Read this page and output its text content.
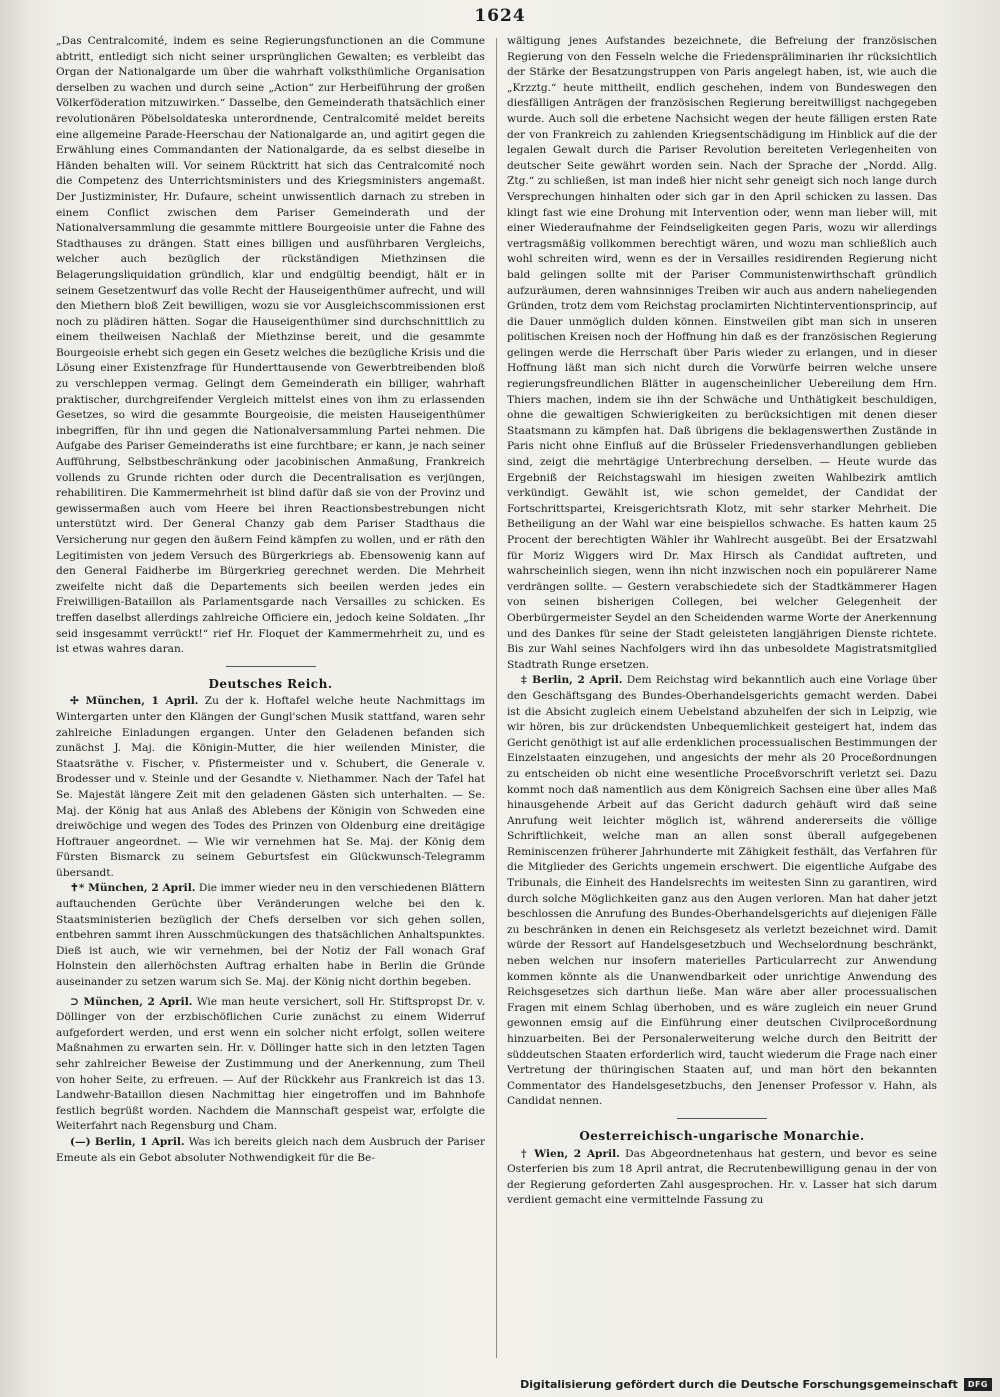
1624

„Das Centralcomité, indem es seine Regierungsfunctionen an die Commune abtritt, entledigt sich nicht seiner ursprünglichen Gewalten; es verbleibt das Organ der Nationalgarde um über die wahrhaft volksthümliche Organisation derselben zu wachen und durch seine „Action“ zur Herbeiführung der großen Völkerföderation mitzuwirken.“ Dasselbe, den Gemeinderath thatsächlich einer revolutionären Pöbelsoldateska unterordnende, Centralcomité meldet bereits eine allgemeine Parade-Heerschau der Nationalgarde an, und agitirt gegen die Erwählung eines Commandanten der Nationalgarde, da es selbst dieselbe in Händen behalten will. Vor seinem Rücktritt hat sich das Centralcomité noch die Competenz des Unterrichtsministers und des Kriegsministers angemaßt. Der Justizminister, Hr. Dufaure, scheint unwissentlich darnach zu streben in einem Conflict zwischen dem Pariser Gemeinderath und der Nationalversammlung die gesammte mittlere Bourgeoisie unter die Fahne des Stadthauses zu drängen. Statt eines billigen und ausführbaren Vergleichs, welcher auch bezüglich der rückständigen Miethzinsen die Belagerungsliquidation gründlich, klar und endgültig beendigt, hält er in seinem Gesetzentwurf das volle Recht der Hauseigenthümer aufrecht, und will den Miethern bloß Zeit bewilligen, wozu sie vor Ausgleichscommissionen erst noch zu plädiren hätten. Sogar die Hauseigenthümer sind durchschnittlich zu einem theilweisen Nachlaß der Miethzinse bereit, und die gesammte Bourgeoisie erhebt sich gegen ein Gesetz welches die bezügliche Krisis und die Lösung einer Existenzfrage für Hunderttausende von Gewerbtreibenden bloß zu verschleppen vermag. Gelingt dem Gemeinderath ein billiger, wahrhaft praktischer, durchgreifender Vergleich mittelst eines von ihm zu erlassenden Gesetzes, so wird die gesammte Bourgeoisie, die meisten Hauseigenthümer inbegriffen, für ihn und gegen die Nationalversammlung Partei nehmen. Die Aufgabe des Pariser Gemeinderaths ist eine furchtbare; er kann, je nach seiner Aufführung, Selbstbeschränkung oder jacobinischen Anmaßung, Frankreich vollends zu Grunde richten oder durch die Decentralisation es verjüngen, rehabilitiren. Die Kammermehrheit ist blind dafür daß sie von der Provinz und gewissermaßen auch vom Heere bei ihren Reactionsbestrebungen nicht unterstützt wird. Der General Chanzy gab dem Pariser Stadthaus die Versicherung nur gegen den äußern Feind kämpfen zu wollen, und er räth den Legitimisten von jedem Versuch des Bürgerkriegs ab. Ebensowenig kann auf den General Faidherbe im Bürgerkrieg gerechnet werden. Die Mehrheit zweifelte nicht daß die Departements sich beeilen werden jedes ein Freiwilligen-Bataillon als Parlamentsgarde nach Versailles zu schicken. Es treffen daselbst allerdings zahlreiche Officiere ein, jedoch keine Soldaten. „Ihr seid insgesammt verrückt!“ rief Hr. Floquet der Kammermehrheit zu, und es ist etwas wahres daran.

Deutsches Reich.

✢ München, 1 April. Zu der k. Hoftafel welche heute Nachmittags im Wintergarten unter den Klängen der Gungl'schen Musik stattfand, waren sehr zahlreiche Einladungen ergangen. Unter den Geladenen befanden sich zunächst J. Maj. die Königin-Mutter, die hier weilenden Minister, die Staatsräthe v. Fischer, v. Pfistermeister und v. Schubert, die Generale v. Brodesser und v. Steinle und der Gesandte v. Niethammer. Nach der Tafel hat Se. Majestät längere Zeit mit den geladenen Gästen sich unterhalten. — Se. Maj. der König hat aus Anlaß des Ablebens der Königin von Schweden eine dreiwöchige und wegen des Todes des Prinzen von Oldenburg eine dreitägige Hoftrauer angeordnet. — Wie wir vernehmen hat Se. Maj. der König dem Fürsten Bismarck zu seinem Geburtsfest ein Glückwunsch-Telegramm übersandt.

✝* München, 2 April. Die immer wieder neu in den verschiedenen Blättern auftauchenden Gerüchte über Veränderungen welche bei den k. Staatsministerien bezüglich der Chefs derselben vor sich gehen sollen, entbehren sammt ihren Ausschmückungen des thatsächlichen Anhaltspunktes. Dieß ist auch, wie wir vernehmen, bei der Notiz der Fall wonach Graf Holnstein den allerhöchsten Auftrag erhalten habe in Berlin die Gründe auseinander zu setzen warum sich Se. Maj. der König nicht dorthin begeben.

⊃ München, 2 April. Wie man heute versichert, soll Hr. Stiftspropst Dr. v. Döllinger von der erzbischöflichen Curie zunächst zu einem Widerruf aufgefordert werden, und erst wenn ein solcher nicht erfolgt, sollen weitere Maßnahmen zu erwarten sein. Hr. v. Döllinger hatte sich in den letzten Tagen sehr zahlreicher Beweise der Zustimmung und der Anerkennung, zum Theil von hoher Seite, zu erfreuen. — Auf der Rückkehr aus Frankreich ist das 13. Landwehr-Bataillon diesen Nachmittag hier eingetroffen und im Bahnhofe festlich begrüßt worden. Nachdem die Mannschaft gespeist war, erfolgte die Weiterfahrt nach Regensburg und Cham.

(—) Berlin, 1 April. Was ich bereits gleich nach dem Ausbruch der Pariser Emeute als ein Gebot absoluter Nothwendigkeit für die Be-

wältigung jenes Aufstandes bezeichnete, die Befreiung der französischen Regierung von den Fesseln welche die Friedenspräliminarien ihr rücksichtlich der Stärke der Besatzungstruppen von Paris angelegt haben, ist, wie auch die „Krzztg.“ heute mittheilt, endlich geschehen, indem von Bundeswegen den diesfälligen Anträgen der französischen Regierung bereitwilligst nachgegeben wurde. Auch soll die erbetene Nachsicht wegen der heute fälligen ersten Rate der von Frankreich zu zahlenden Kriegsentschädigung im Hinblick auf die der legalen Gewalt durch die Pariser Revolution bereiteten Verlegenheiten von deutscher Seite gewährt worden sein. Nach der Sprache der „Nordd. Allg. Ztg.“ zu schließen, ist man indeß hier nicht sehr geneigt sich noch lange durch Versprechungen hinhalten oder sich gar in den April schicken zu lassen. Das klingt fast wie eine Drohung mit Intervention oder, wenn man lieber will, mit einer Wiederaufnahme der Feindseligkeiten gegen Paris, wozu wir allerdings vertragsmäßig vollkommen berechtigt wären, und wozu man schließlich auch wohl schreiten wird, wenn es der in Versailles residirenden Regierung nicht bald gelingen sollte mit der Pariser Communistenwirthschaft gründlich aufzuräumen, deren wahnsinniges Treiben wir auch aus andern naheliegenden Gründen, trotz dem vom Reichstag proclamirten Nichtinterventionsprincip, auf die Dauer unmöglich dulden können. Einstweilen gibt man sich in unseren politischen Kreisen noch der Hoffnung hin daß es der französischen Regierung gelingen werde die Herrschaft über Paris wieder zu erlangen, und in dieser Hoffnung läßt man sich nicht durch die Vorwürfe beirren welche unsere regierungsfreundlichen Blätter in augenscheinlicher Uebereilung dem Hrn. Thiers machen, indem sie ihn der Schwäche und Unthätigkeit beschuldigen, ohne die gewaltigen Schwierigkeiten zu berücksichtigen mit denen dieser Staatsmann zu kämpfen hat. Daß übrigens die beklagenswerthen Zustände in Paris nicht ohne Einfluß auf die Brüsseler Friedensverhandlungen geblieben sind, zeigt die mehrtägige Unterbrechung derselben. — Heute wurde das Ergebniß der Reichstagswahl im hiesigen zweiten Wahlbezirk amtlich verkündigt. Gewählt ist, wie schon gemeldet, der Candidat der Fortschrittspartei, Kreisgerichtsrath Klotz, mit sehr starker Mehrheit. Die Betheiligung an der Wahl war eine beispiellos schwache. Es hatten kaum 25 Procent der berechtigten Wähler ihr Wahlrecht ausgeübt. Bei der Ersatzwahl für Moriz Wiggers wird Dr. Max Hirsch als Candidat auftreten, und wahrscheinlich siegen, wenn ihn nicht inzwischen noch ein populärerer Name verdrängen sollte. — Gestern verabschiedete sich der Stadtkämmerer Hagen von seinen bisherigen Collegen, bei welcher Gelegenheit der Oberbürgermeister Seydel an den Scheidenden warme Worte der Anerkennung und des Dankes für seine der Stadt geleisteten langjährigen Dienste richtete. Bis zur Wahl seines Nachfolgers wird ihn das unbesoldete Magistratsmitglied Stadtrath Runge ersetzen.

‡ Berlin, 2 April. Dem Reichstag wird bekanntlich auch eine Vorlage über den Geschäftsgang des Bundes-Oberhandelsgerichts gemacht werden. Dabei ist die Absicht zugleich einem Uebelstand abzuhelfen der sich in Leipzig, wie wir hören, bis zur drückendsten Unbequemlichkeit gesteigert hat, indem das Gericht genöthigt ist auf alle erdenklichen processualischen Bestimmungen der Einzelstaaten einzugehen, und angesichts der mehr als 20 Proceßordnungen zu entscheiden ob nicht eine wesentliche Proceßvorschrift verletzt sei. Dazu kommt noch daß namentlich aus dem Königreich Sachsen eine über alles Maß hinausgehende Arbeit auf das Gericht dadurch gehäuft wird daß seine Anrufung weit leichter möglich ist, während andererseits die völlige Schriftlichkeit, welche man an allen sonst überall aufgegebenen Reminiscenzen früherer Jahrhunderte mit Zähigkeit festhält, das Verfahren für die Mitglieder des Gerichts ungemein erschwert. Die eigentliche Aufgabe des Tribunals, die Einheit des Handelsrechts im weitesten Sinn zu garantiren, wird durch solche Möglichkeiten ganz aus den Augen verloren. Man hat daher jetzt beschlossen die Anrufung des Bundes-Oberhandelsgerichts auf diejenigen Fälle zu beschränken in denen ein Reichsgesetz als verletzt bezeichnet wird. Damit würde der Ressort auf Handelsgesetzbuch und Wechselordnung beschränkt, neben welchen nur insofern materielles Particularrecht zur Anwendung kommen könnte als die Unanwendbarkeit oder unrichtige Anwendung des Reichsgesetzes sich darthun ließe. Man wäre aber aller processualischen Fragen mit einem Schlag überhoben, und es wäre zugleich ein neuer Grund gewonnen emsig auf die Einführung einer deutschen Civilproceßordnung hinzuarbeiten. Bei der Personalerweiterung welche durch den Beitritt der süddeutschen Staaten erforderlich wird, taucht wiederum die Frage nach einer Vertretung der thüringischen Staaten auf, und man hört den bekannten Commentator des Handelsgesetzbuchs, den Jenenser Professor v. Hahn, als Candidat nennen.

Oesterreichisch-ungarische Monarchie.

† Wien, 2 April. Das Abgeordnetenhaus hat gestern, und bevor es seine Osterferien bis zum 18 April antrat, die Recrutenbewilligung genau in der von der Regierung geforderten Zahl ausgesprochen. Hr. v. Lasser hat sich darum verdient gemacht eine vermittelnde Fassung zu

Digitalisierung gefördert durch die Deutsche Forschungsgemeinschaft	DFG
